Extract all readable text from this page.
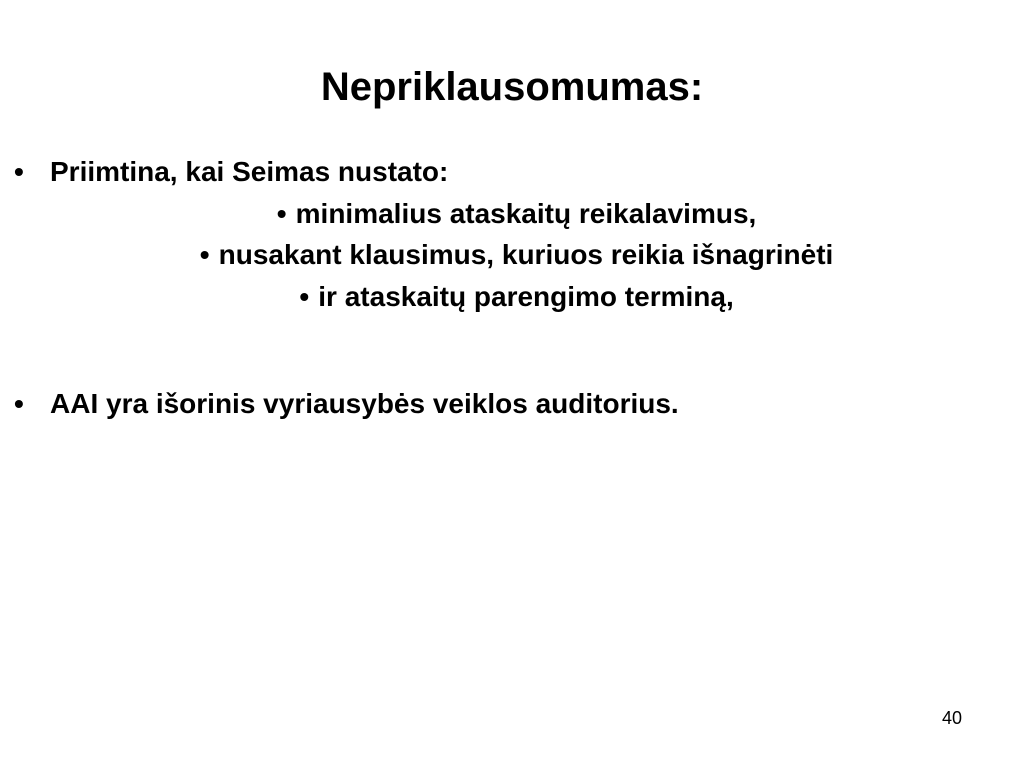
Nepriklausomumas:
• Priimtina, kai Seimas nustato:
• minimalius ataskaitų reikalavimus,
• nusakant klausimus, kuriuos reikia išnagrinėti
• ir ataskaitų parengimo terminą,
• AAI yra išorinis vyriausybės veiklos auditorius.
40
